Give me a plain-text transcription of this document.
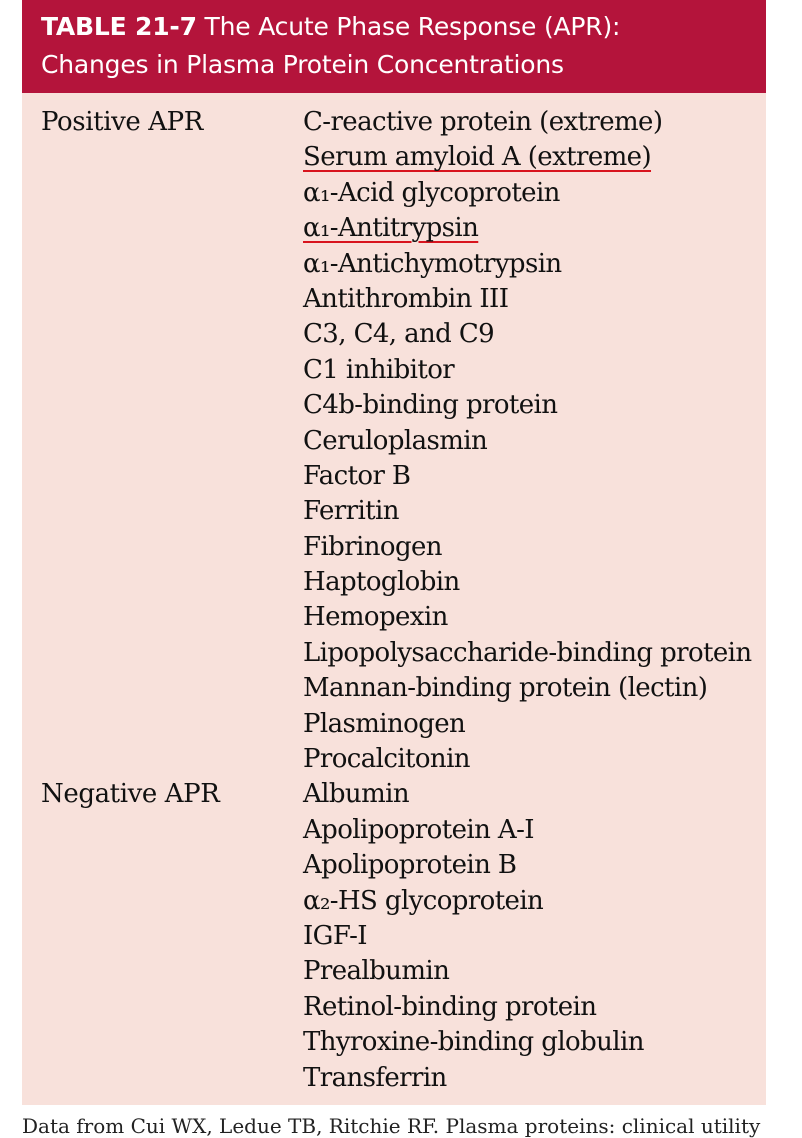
TABLE 21-7 The Acute Phase Response (APR):
Changes in Plasma Protein Concentrations
Positive APR	C-reactive protein (extreme)
Serum amyloid A (extreme)
α₁-Acid glycoprotein
α₁-Antitrypsin
α₁-Antichymotrypsin
Antithrombin III
C3, C4, and C9
C1 inhibitor
C4b-binding protein
Ceruloplasmin
Factor B
Ferritin
Fibrinogen
Haptoglobin
Hemopexin
Lipopolysaccharide-binding protein
Mannan-binding protein (lectin)
Plasminogen
Procalcitonin
Negative APR	Albumin
Apolipoprotein A-I
Apolipoprotein B
α₂-HS glycoprotein
IGF-I
Prealbumin
Retinol-binding protein
Thyroxine-binding globulin
Transferrin
Data from Cui WX, Ledue TB, Ritchie RF. Plasma proteins: clinical utility
